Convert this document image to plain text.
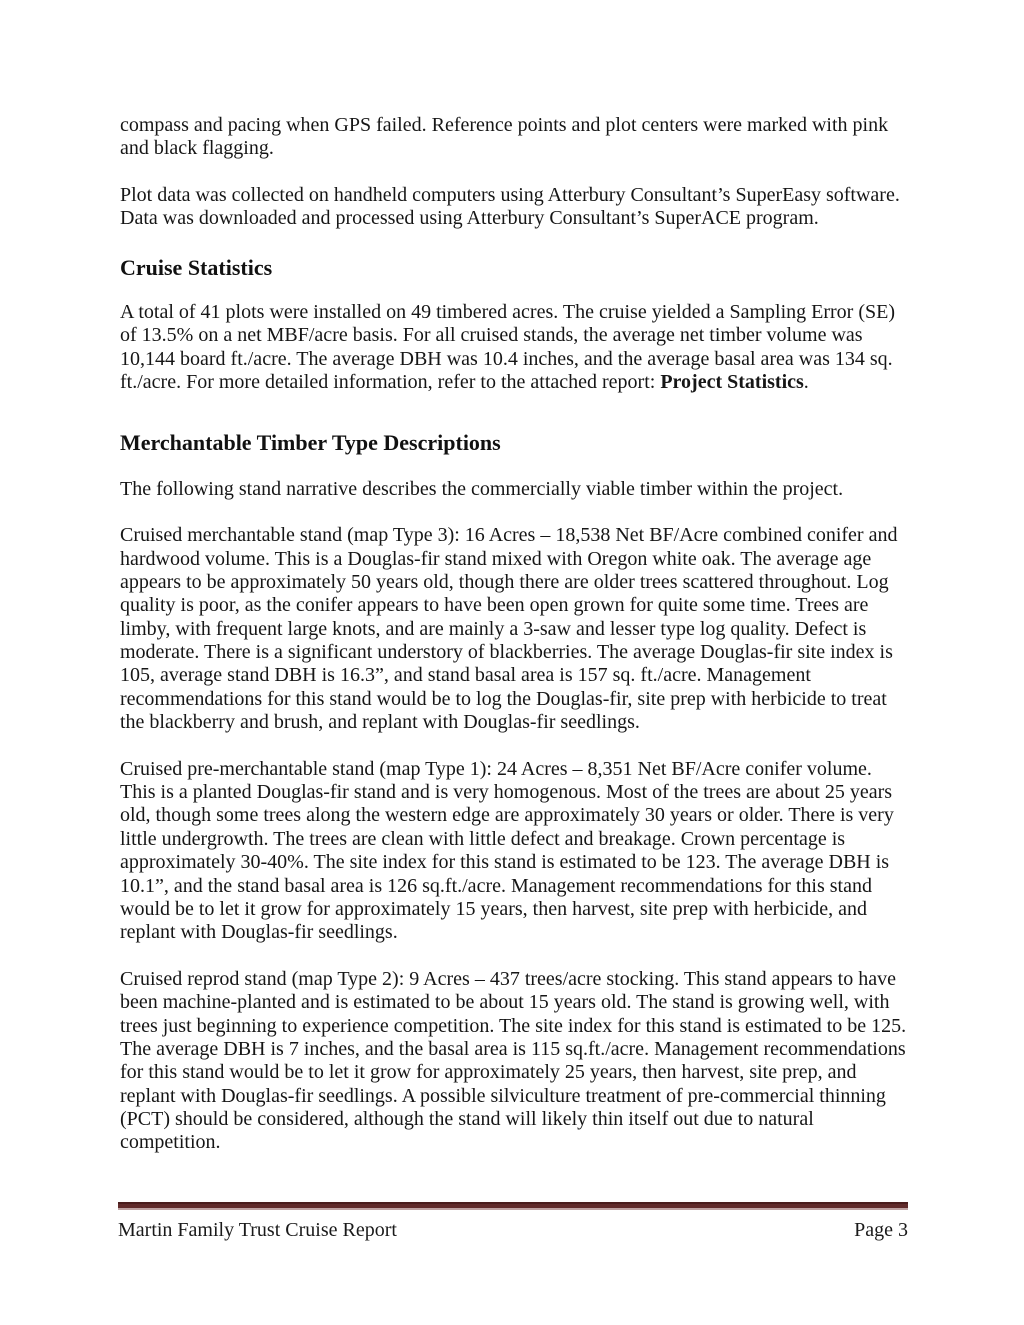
compass and pacing when GPS failed. Reference points and plot centers were marked with pink and black flagging.

Plot data was collected on handheld computers using Atterbury Consultant’s SuperEasy software. Data was downloaded and processed using Atterbury Consultant’s SuperACE program.

Cruise Statistics

A total of 41 plots were installed on 49 timbered acres. The cruise yielded a Sampling Error (SE) of 13.5% on a net MBF/acre basis. For all cruised stands, the average net timber volume was 10,144 board ft./acre. The average DBH was 10.4 inches, and the average basal area was 134 sq. ft./acre. For more detailed information, refer to the attached report: Project Statistics.

Merchantable Timber Type Descriptions

The following stand narrative describes the commercially viable timber within the project.

Cruised merchantable stand (map Type 3): 16 Acres – 18,538 Net BF/Acre combined conifer and hardwood volume. This is a Douglas-fir stand mixed with Oregon white oak. The average age appears to be approximately 50 years old, though there are older trees scattered throughout. Log quality is poor, as the conifer appears to have been open grown for quite some time. Trees are limby, with frequent large knots, and are mainly a 3-saw and lesser type log quality. Defect is moderate. There is a significant understory of blackberries. The average Douglas-fir site index is 105, average stand DBH is 16.3”, and stand basal area is 157 sq. ft./acre. Management recommendations for this stand would be to log the Douglas-fir, site prep with herbicide to treat the blackberry and brush, and replant with Douglas-fir seedlings.

Cruised pre-merchantable stand (map Type 1): 24 Acres – 8,351 Net BF/Acre conifer volume. This is a planted Douglas-fir stand and is very homogenous. Most of the trees are about 25 years old, though some trees along the western edge are approximately 30 years or older. There is very little undergrowth. The trees are clean with little defect and breakage. Crown percentage is approximately 30-40%. The site index for this stand is estimated to be 123. The average DBH is 10.1”, and the stand basal area is 126 sq.ft./acre. Management recommendations for this stand would be to let it grow for approximately 15 years, then harvest, site prep with herbicide, and replant with Douglas-fir seedlings.

Cruised reprod stand (map Type 2): 9 Acres – 437 trees/acre stocking. This stand appears to have been machine-planted and is estimated to be about 15 years old. The stand is growing well, with trees just beginning to experience competition. The site index for this stand is estimated to be 125. The average DBH is 7 inches, and the basal area is 115 sq.ft./acre. Management recommendations for this stand would be to let it grow for approximately 25 years, then harvest, site prep, and replant with Douglas-fir seedlings. A possible silviculture treatment of pre-commercial thinning (PCT) should be considered, although the stand will likely thin itself out due to natural competition.

Martin Family Trust Cruise Report	Page 3
